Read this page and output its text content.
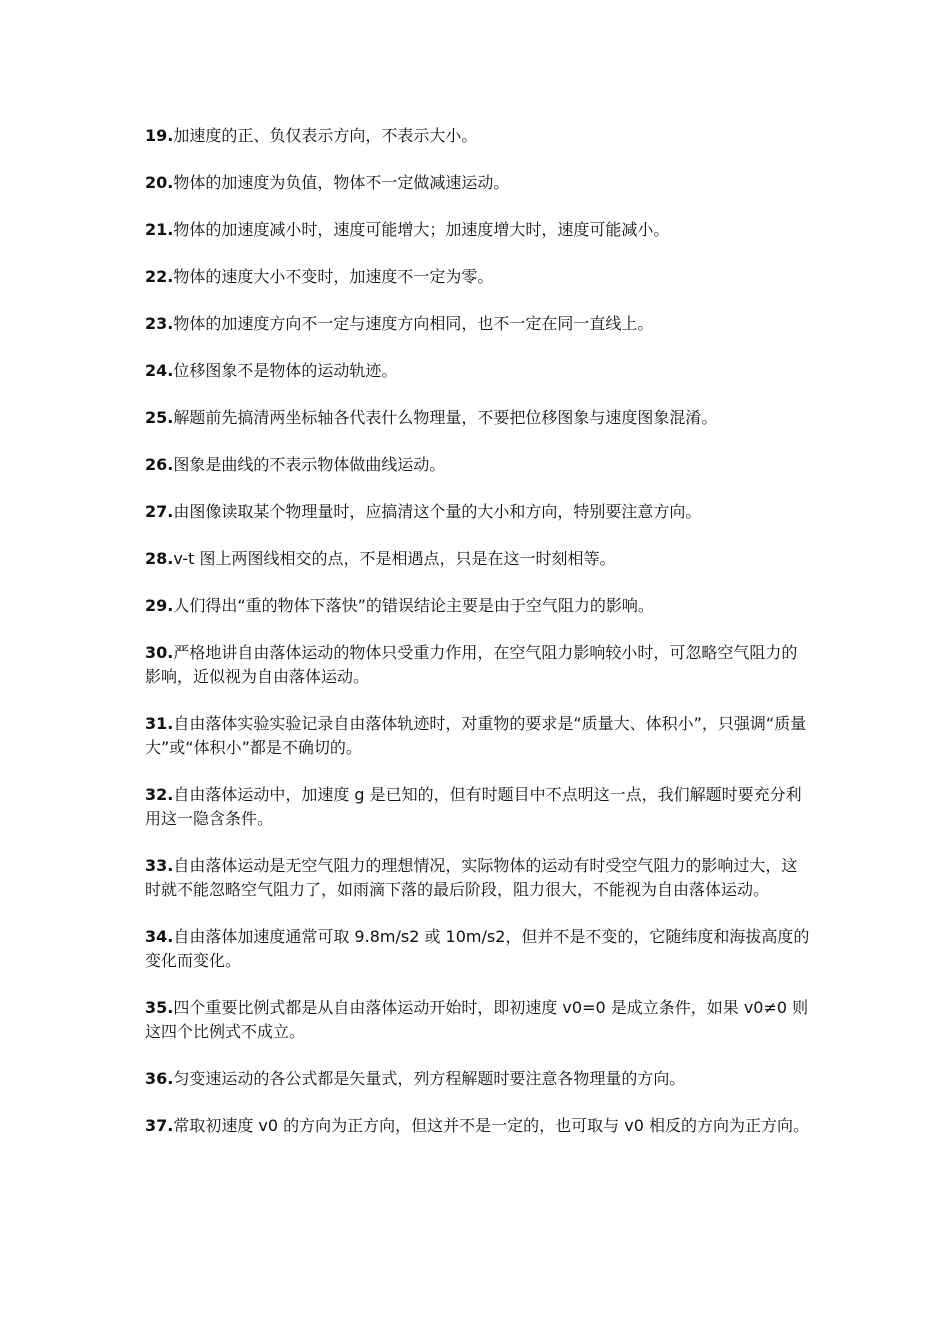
19.加速度的正、负仅表示方向，不表示大小。

20.物体的加速度为负值，物体不一定做减速运动。

21.物体的加速度减小时，速度可能增大；加速度增大时，速度可能减小。

22.物体的速度大小不变时，加速度不一定为零。

23.物体的加速度方向不一定与速度方向相同，也不一定在同一直线上。

24.位移图象不是物体的运动轨迹。

25.解题前先搞清两坐标轴各代表什么物理量，不要把位移图象与速度图象混淆。

26.图象是曲线的不表示物体做曲线运动。

27.由图像读取某个物理量时，应搞清这个量的大小和方向，特别要注意方向。

28.v-t 图上两图线相交的点，不是相遇点，只是在这一时刻相等。

29.人们得出“重的物体下落快”的错误结论主要是由于空气阻力的影响。

30.严格地讲自由落体运动的物体只受重力作用，在空气阻力影响较小时，可忽略空气阻力的影响，近似视为自由落体运动。

31.自由落体实验实验记录自由落体轨迹时，对重物的要求是“质量大、体积小”，只强调“质量大”或“体积小”都是不确切的。

32.自由落体运动中，加速度 g 是已知的，但有时题目中不点明这一点，我们解题时要充分利用这一隐含条件。

33.自由落体运动是无空气阻力的理想情况，实际物体的运动有时受空气阻力的影响过大，这时就不能忽略空气阻力了，如雨滴下落的最后阶段，阻力很大，不能视为自由落体运动。

34.自由落体加速度通常可取 9.8m/s2 或 10m/s2，但并不是不变的，它随纬度和海拔高度的变化而变化。

35.四个重要比例式都是从自由落体运动开始时，即初速度 v0=0 是成立条件，如果 v0≠0 则这四个比例式不成立。

36.匀变速运动的各公式都是矢量式，列方程解题时要注意各物理量的方向。

37.常取初速度 v0 的方向为正方向，但这并不是一定的，也可取与 v0 相反的方向为正方向。
